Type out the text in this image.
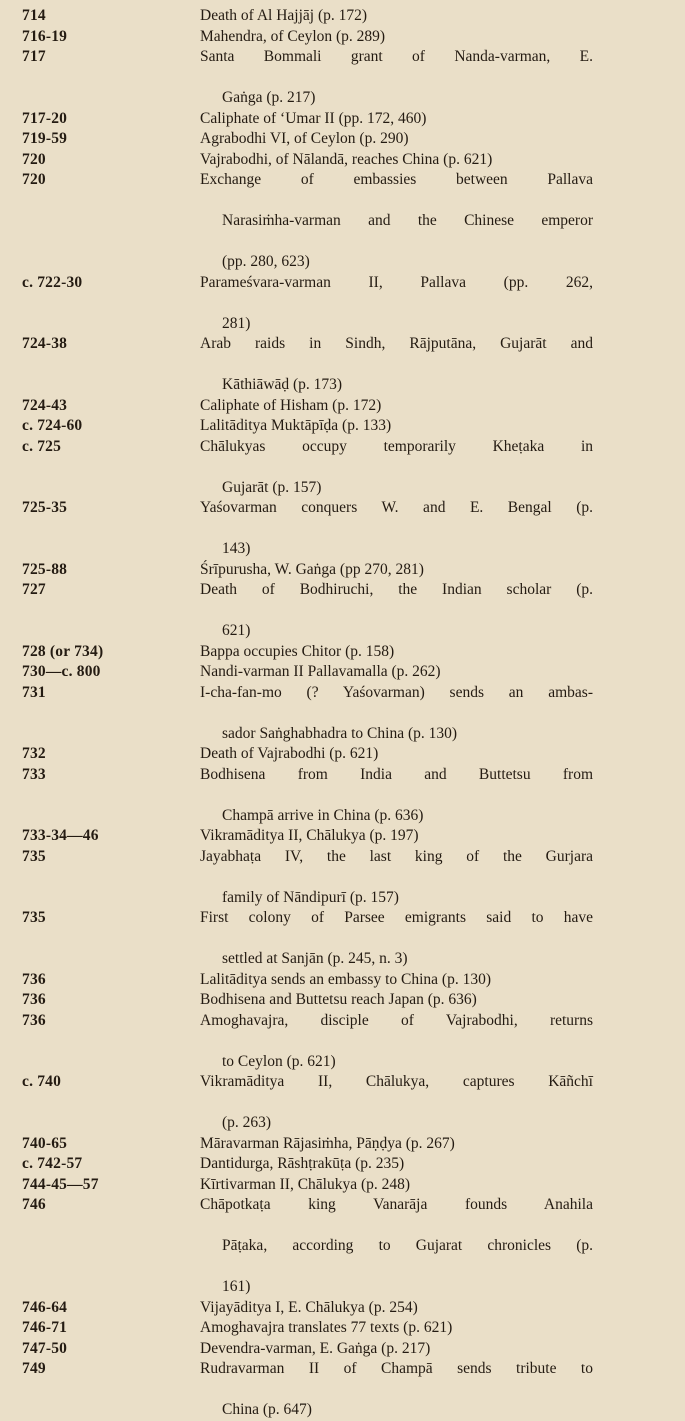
714	Death of Al Hajjāj (p. 172)

716-19	Mahendra, of Ceylon (p. 289)

717	Santa Bommali grant of Nanda-varman, E.
Gaṅga (p. 217)

717-20	Caliphate of ‘Umar II (pp. 172, 460)

719-59	Agrabodhi VI, of Ceylon (p. 290)

720	Vajrabodhi, of Nālandā, reaches China (p. 621)

720	Exchange of embassies between Pallava
Narasiṁha-varman and the Chinese emperor
(pp. 280, 623)

c. 722-30	Parameśvara-varman II, Pallava (pp. 262,
281)

724-38	Arab raids in Sindh, Rājputāna, Gujarāt and
Kāthiāwāḍ (p. 173)

724-43	Caliphate of Hisham (p. 172)

c. 724-60	Lalitāditya Muktāpīḍa (p. 133)

c. 725	Chālukyas occupy temporarily Kheṭaka in
Gujarāt (p. 157)

725-35	Yaśovarman conquers W. and E. Bengal (p.
143)

725-88	Śrīpurusha, W. Gaṅga (pp 270, 281)

727	Death of Bodhiruchi, the Indian scholar (p.
621)

728 (or 734)	Bappa occupies Chitor (p. 158)

730—c. 800	Nandi-varman II Pallavamalla (p. 262)

731	I-cha-fan-mo (? Yaśovarman) sends an ambas-
sador Saṅghabhadra to China (p. 130)

732	Death of Vajrabodhi (p. 621)

733	Bodhisena from India and Buttetsu from
Champā arrive in China (p. 636)

733-34—46	Vikramāditya II, Chālukya (p. 197)

735	Jayabhaṭa IV, the last king of the Gurjara
family of Nāndipurī (p. 157)

735	First colony of Parsee emigrants said to have
settled at Sanjān (p. 245, n. 3)

736	Lalitāditya sends an embassy to China (p. 130)

736	Bodhisena and Buttetsu reach Japan (p. 636)

736	Amoghavajra, disciple of Vajrabodhi, returns
to Ceylon (p. 621)

c. 740	Vikramāditya II, Chālukya, captures Kāñchī
(p. 263)

740-65	Māravarman Rājasiṁha, Pāṇḍya (p. 267)

c. 742-57	Dantidurga, Rāshṭrakūṭa (p. 235)

744-45—57	Kīrtivarman II, Chālukya (p. 248)

746	Chāpotkaṭa king Vanarāja founds Anahila
Pāṭaka, according to Gujarat chronicles (p.
161)

746-64	Vijayāditya I, E. Chālukya (p. 254)

746-71	Amoghavajra translates 77 texts (p. 621)

747-50	Devendra-varman, E. Gaṅga (p. 217)

749	Rudravarman II of Champā sends tribute to
China (p. 647)
